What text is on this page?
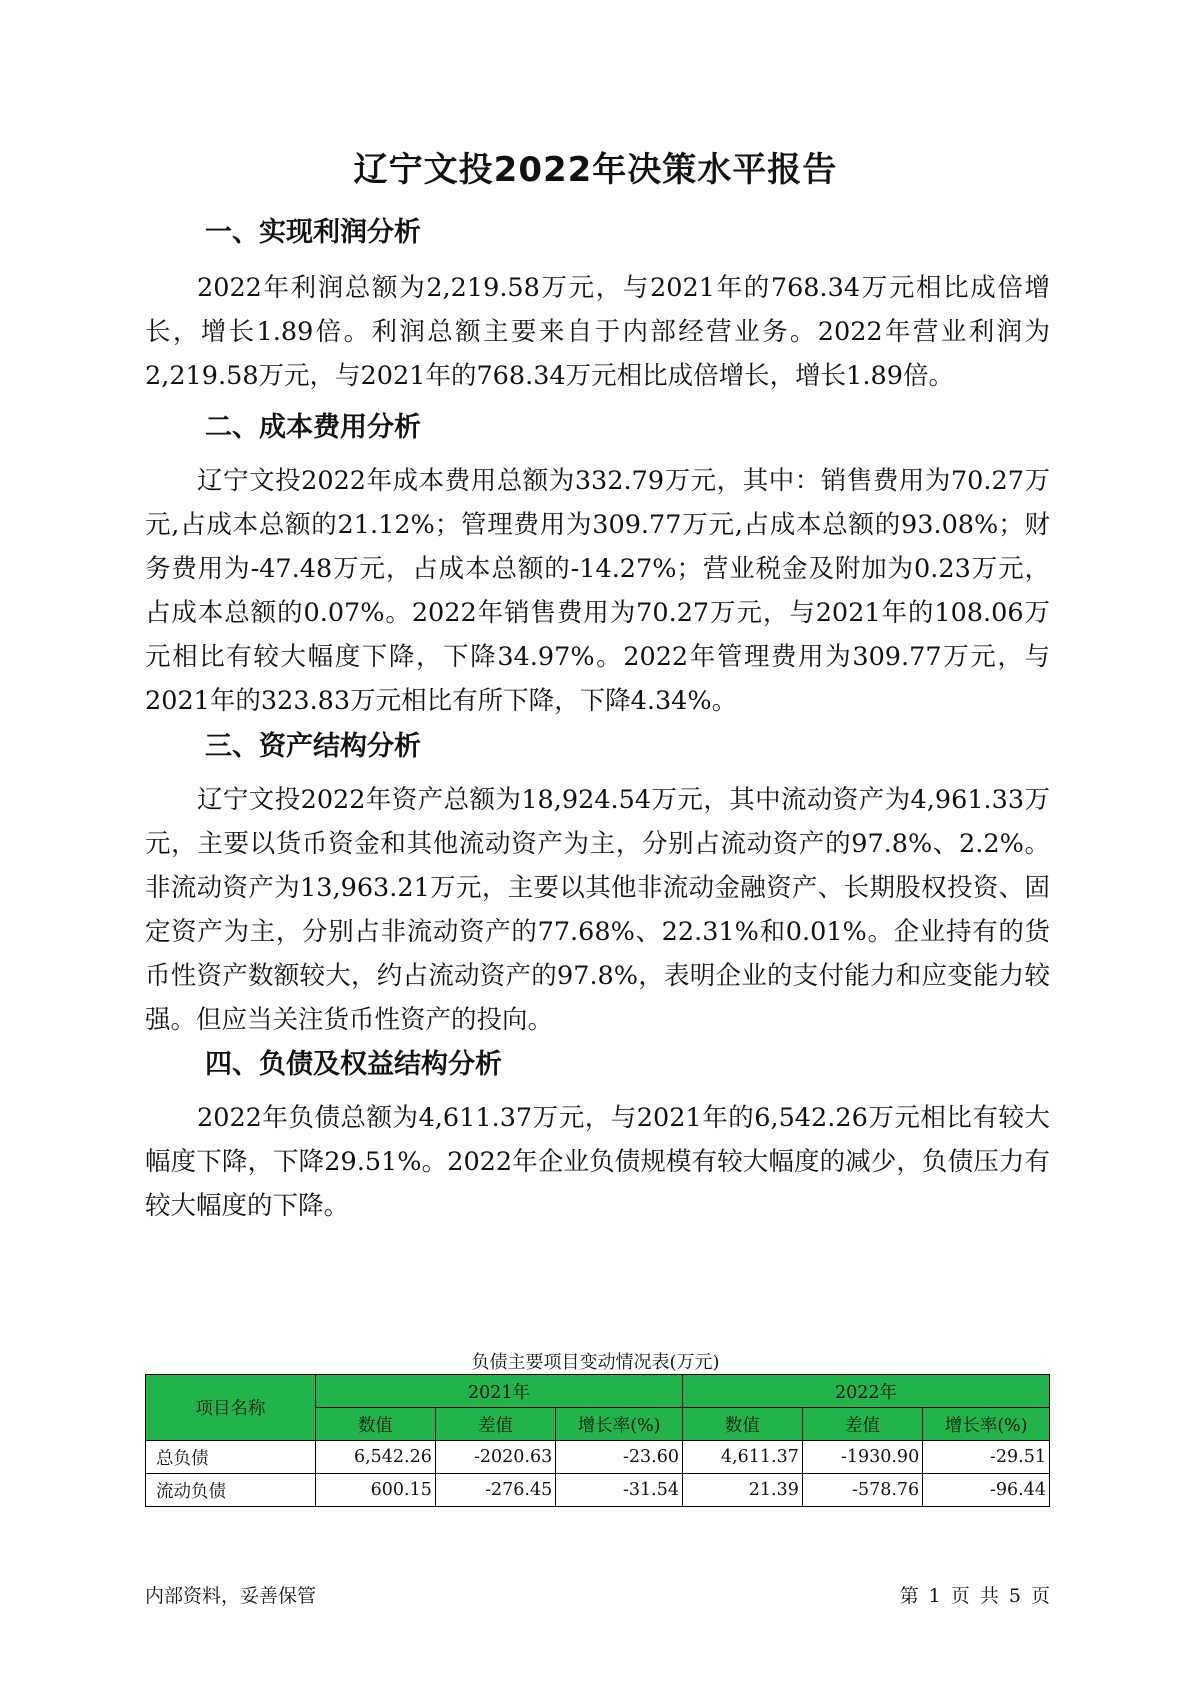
辽宁文投2022年决策水平报告
一、实现利润分析

2022年利润总额为2,219.58万元，与2021年的768.34万元相比成倍增长，增长1.89倍。利润总额主要来自于内部经营业务。2022年营业利润为2,219.58万元，与2021年的768.34万元相比成倍增长，增长1.89倍。

二、成本费用分析

辽宁文投2022年成本费用总额为332.79万元，其中：销售费用为70.27万元,占成本总额的21.12%；管理费用为309.77万元,占成本总额的93.08%；财务费用为-47.48万元，占成本总额的-14.27%；营业税金及附加为0.23万元，占成本总额的0.07%。2022年销售费用为70.27万元，与2021年的108.06万元相比有较大幅度下降，下降34.97%。2022年管理费用为309.77万元，与2021年的323.83万元相比有所下降，下降4.34%。

三、资产结构分析

辽宁文投2022年资产总额为18,924.54万元，其中流动资产为4,961.33万元，主要以货币资金和其他流动资产为主，分别占流动资产的97.8%、2.2%。非流动资产为13,963.21万元，主要以其他非流动金融资产、长期股权投资、固定资产为主，分别占非流动资产的77.68%、22.31%和0.01%。企业持有的货币性资产数额较大，约占流动资产的97.8%，表明企业的支付能力和应变能力较强。但应当关注货币性资产的投向。

四、负债及权益结构分析

2022年负债总额为4,611.37万元，与2021年的6,542.26万元相比有较大幅度下降，下降29.51%。2022年企业负债规模有较大幅度的减少，负债压力有较大幅度的下降。

负债主要项目变动情况表(万元)
项目名称	2021年			2022年		
	数值	差值	增长率(%)	数值	差值	增长率(%)
总负债	6,542.26	-2020.63	-23.60	4,611.37	-1930.90	-29.51
流动负债	600.15	-276.45	-31.54	21.39	-578.76	-96.44
内部资料，妥善保管	第 1 页 共 5 页
